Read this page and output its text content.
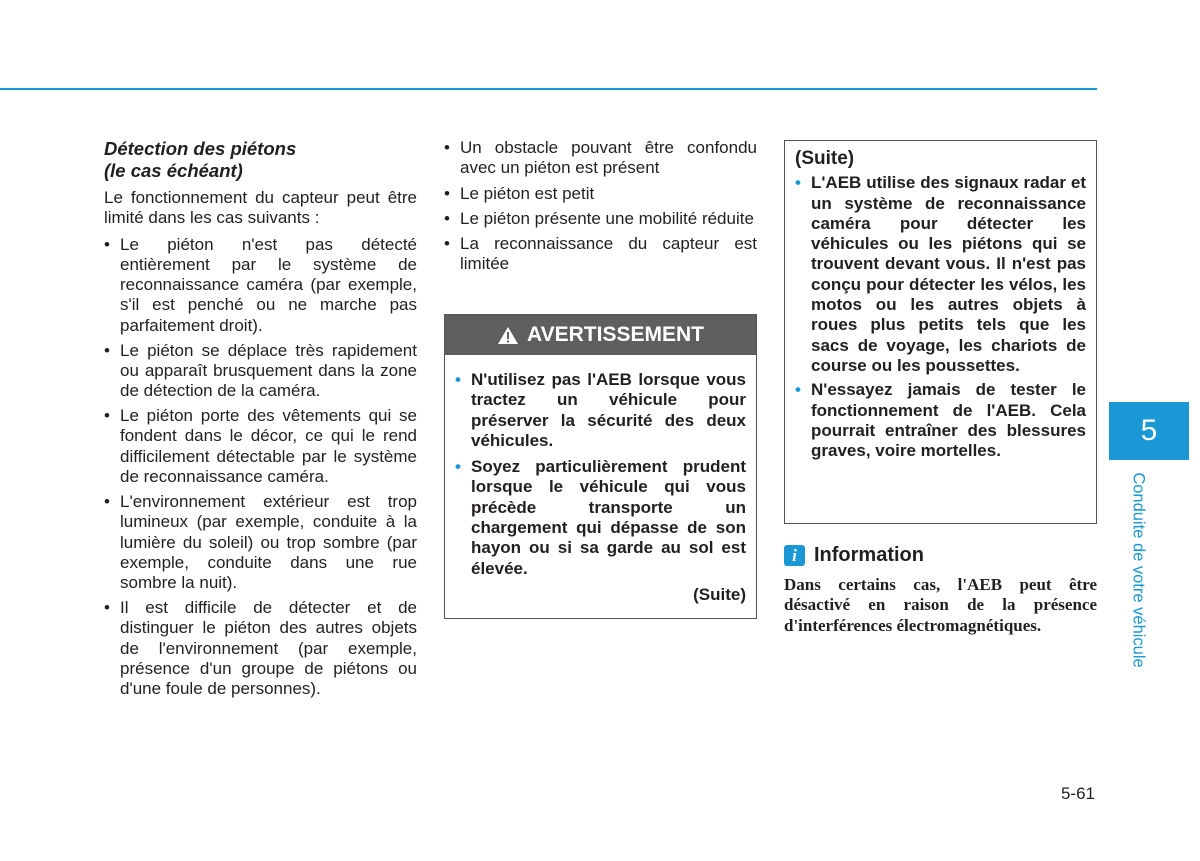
Détection des piétons
(le cas échéant)
Le fonctionnement du capteur peut être limité dans les cas suivants :
• Le piéton n'est pas détecté entièrement par le système de reconnaissance caméra (par exemple, s'il est penché ou ne marche pas parfaitement droit).
• Le piéton se déplace très rapidement ou apparaît brusquement dans la zone de détection de la caméra.
• Le piéton porte des vêtements qui se fondent dans le décor, ce qui le rend difficilement détectable par le système de reconnaissance caméra.
• L'environnement extérieur est trop lumineux (par exemple, conduite à la lumière du soleil) ou trop sombre (par exemple, conduite dans une rue sombre la nuit).
• Il est difficile de détecter et de distinguer le piéton des autres objets de l'environnement (par exemple, présence d'un groupe de piétons ou d'une foule de personnes).
• Un obstacle pouvant être confondu avec un piéton est présent
• Le piéton est petit
• Le piéton présente une mobilité réduite
• La reconnaissance du capteur est limitée
AVERTISSEMENT
• N'utilisez pas l'AEB lorsque vous tractez un véhicule pour préserver la sécurité des deux véhicules.
• Soyez particulièrement prudent lorsque le véhicule qui vous précède transporte un chargement qui dépasse de son hayon ou si sa garde au sol est élevée.
(Suite)
(Suite)
• L'AEB utilise des signaux radar et un système de reconnaissance caméra pour détecter les véhicules ou les piétons qui se trouvent devant vous. Il n'est pas conçu pour détecter les vélos, les motos ou les autres objets à roues plus petits tels que les sacs de voyage, les chariots de course ou les poussettes.
• N'essayez jamais de tester le fonctionnement de l'AEB. Cela pourrait entraîner des blessures graves, voire mortelles.
i Information
Dans certains cas, l'AEB peut être désactivé en raison de la présence d'interférences électromagnétiques.
5
Conduite de votre véhicule
5-61
